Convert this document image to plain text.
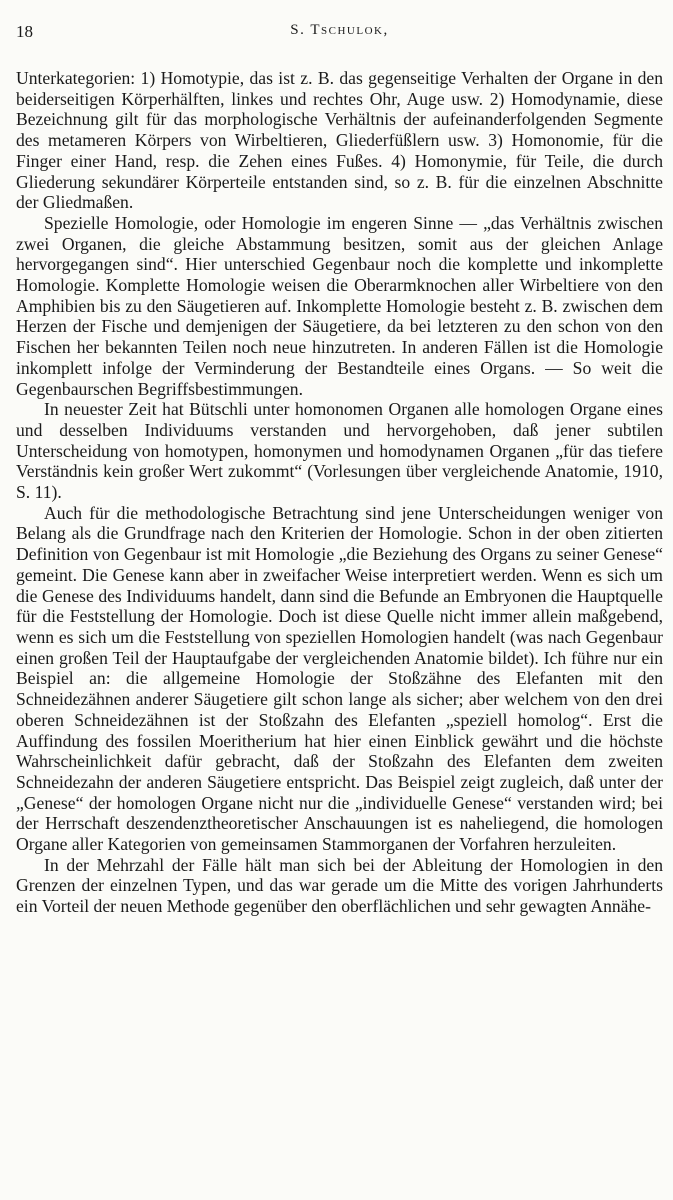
18	S. Tschulok,

Unterkategorien: 1) Homotypie, das ist z. B. das gegenseitige Verhalten der Organe in den beiderseitigen Körperhälften, linkes und rechtes Ohr, Auge usw. 2) Homodynamie, diese Bezeichnung gilt für das morphologische Verhältnis der aufeinanderfolgenden Segmente des metameren Körpers von Wirbeltieren, Gliederfüßlern usw. 3) Homonomie, für die Finger einer Hand, resp. die Zehen eines Fußes. 4) Homonymie, für Teile, die durch Gliederung sekundärer Körperteile entstanden sind, so z. B. für die einzelnen Abschnitte der Gliedmaßen.

Spezielle Homologie, oder Homologie im engeren Sinne — „das Verhältnis zwischen zwei Organen, die gleiche Abstammung besitzen, somit aus der gleichen Anlage hervorgegangen sind“. Hier unterschied Gegenbaur noch die komplette und inkomplette Homologie. Komplette Homologie weisen die Oberarmknochen aller Wirbeltiere von den Amphibien bis zu den Säugetieren auf. Inkomplette Homologie besteht z. B. zwischen dem Herzen der Fische und demjenigen der Säugetiere, da bei letzteren zu den schon von den Fischen her bekannten Teilen noch neue hinzutreten. In anderen Fällen ist die Homologie inkomplett infolge der Verminderung der Bestandteile eines Organs. — So weit die Gegenbaurschen Begriffsbestimmungen.

In neuester Zeit hat Bütschli unter homonomen Organen alle homologen Organe eines und desselben Individuums verstanden und hervorgehoben, daß jener subtilen Unterscheidung von homotypen, homonymen und homodynamen Organen „für das tiefere Verständnis kein großer Wert zukommt“ (Vorlesungen über vergleichende Anatomie, 1910, S. 11).

Auch für die methodologische Betrachtung sind jene Unterscheidungen weniger von Belang als die Grundfrage nach den Kriterien der Homologie. Schon in der oben zitierten Definition von Gegenbaur ist mit Homologie „die Beziehung des Organs zu seiner Genese“ gemeint. Die Genese kann aber in zweifacher Weise interpretiert werden. Wenn es sich um die Genese des Individuums handelt, dann sind die Befunde an Embryonen die Hauptquelle für die Feststellung der Homologie. Doch ist diese Quelle nicht immer allein maßgebend, wenn es sich um die Feststellung von speziellen Homologien handelt (was nach Gegenbaur einen großen Teil der Hauptaufgabe der vergleichenden Anatomie bildet). Ich führe nur ein Beispiel an: die allgemeine Homologie der Stoßzähne des Elefanten mit den Schneidezähnen anderer Säugetiere gilt schon lange als sicher; aber welchem von den drei oberen Schneidezähnen ist der Stoßzahn des Elefanten „speziell homolog“. Erst die Auffindung des fossilen Moeritherium hat hier einen Einblick gewährt und die höchste Wahrscheinlichkeit dafür gebracht, daß der Stoßzahn des Elefanten dem zweiten Schneidezahn der anderen Säugetiere entspricht. Das Beispiel zeigt zugleich, daß unter der „Genese“ der homologen Organe nicht nur die „individuelle Genese“ verstanden wird; bei der Herrschaft deszendenztheoretischer Anschauungen ist es naheliegend, die homologen Organe aller Kategorien von gemeinsamen Stammorganen der Vorfahren herzuleiten.

In der Mehrzahl der Fälle hält man sich bei der Ableitung der Homologien in den Grenzen der einzelnen Typen, und das war gerade um die Mitte des vorigen Jahrhunderts ein Vorteil der neuen Methode gegenüber den oberflächlichen und sehr gewagten Annähe-
